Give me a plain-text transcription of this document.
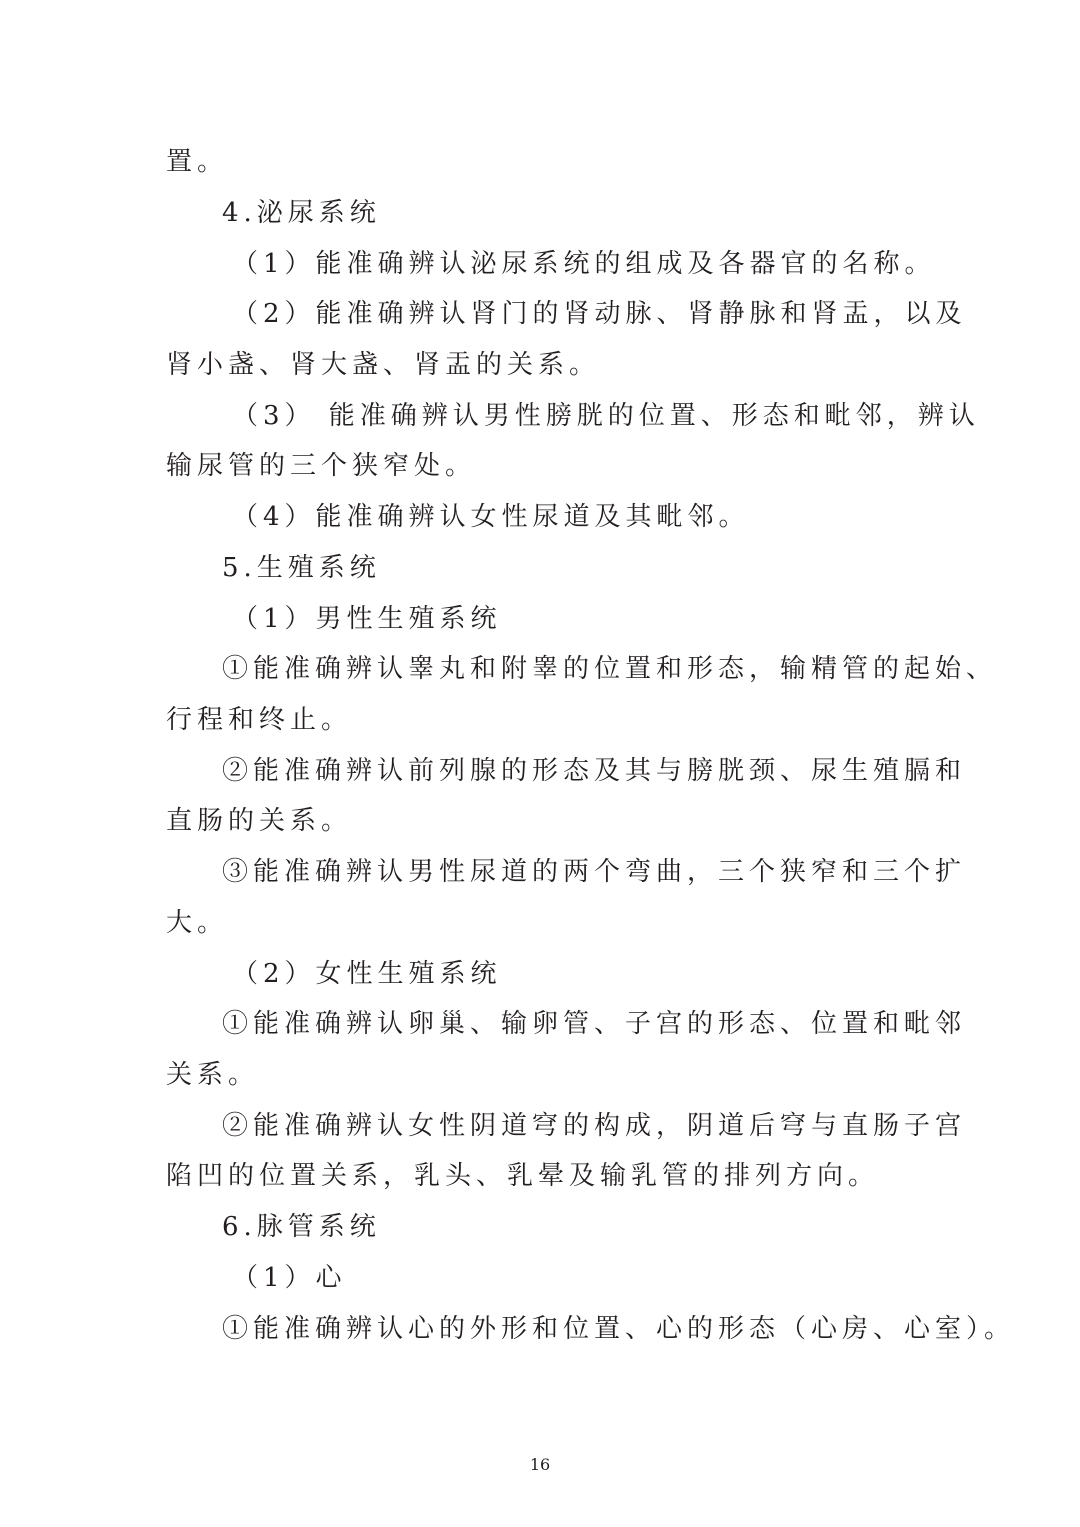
置。
4.泌尿系统
（1）能准确辨认泌尿系统的组成及各器官的名称。
（2）能准确辨认肾门的肾动脉、肾静脉和肾盂，以及
肾小盏、肾大盏、肾盂的关系。
（3） 能准确辨认男性膀胱的位置、形态和毗邻，辨认
输尿管的三个狭窄处。
（4）能准确辨认女性尿道及其毗邻。
5.生殖系统
（1）男性生殖系统
①能准确辨认睾丸和附睾的位置和形态，输精管的起始、
行程和终止。
②能准确辨认前列腺的形态及其与膀胱颈、尿生殖膈和
直肠的关系。
③能准确辨认男性尿道的两个弯曲，三个狭窄和三个扩
大。
（2）女性生殖系统
①能准确辨认卵巢、输卵管、子宫的形态、位置和毗邻
关系。
②能准确辨认女性阴道穹的构成，阴道后穹与直肠子宫
陷凹的位置关系，乳头、乳晕及输乳管的排列方向。
6.脉管系统
（1）心
①能准确辨认心的外形和位置、心的形态（心房、心室）。
16
